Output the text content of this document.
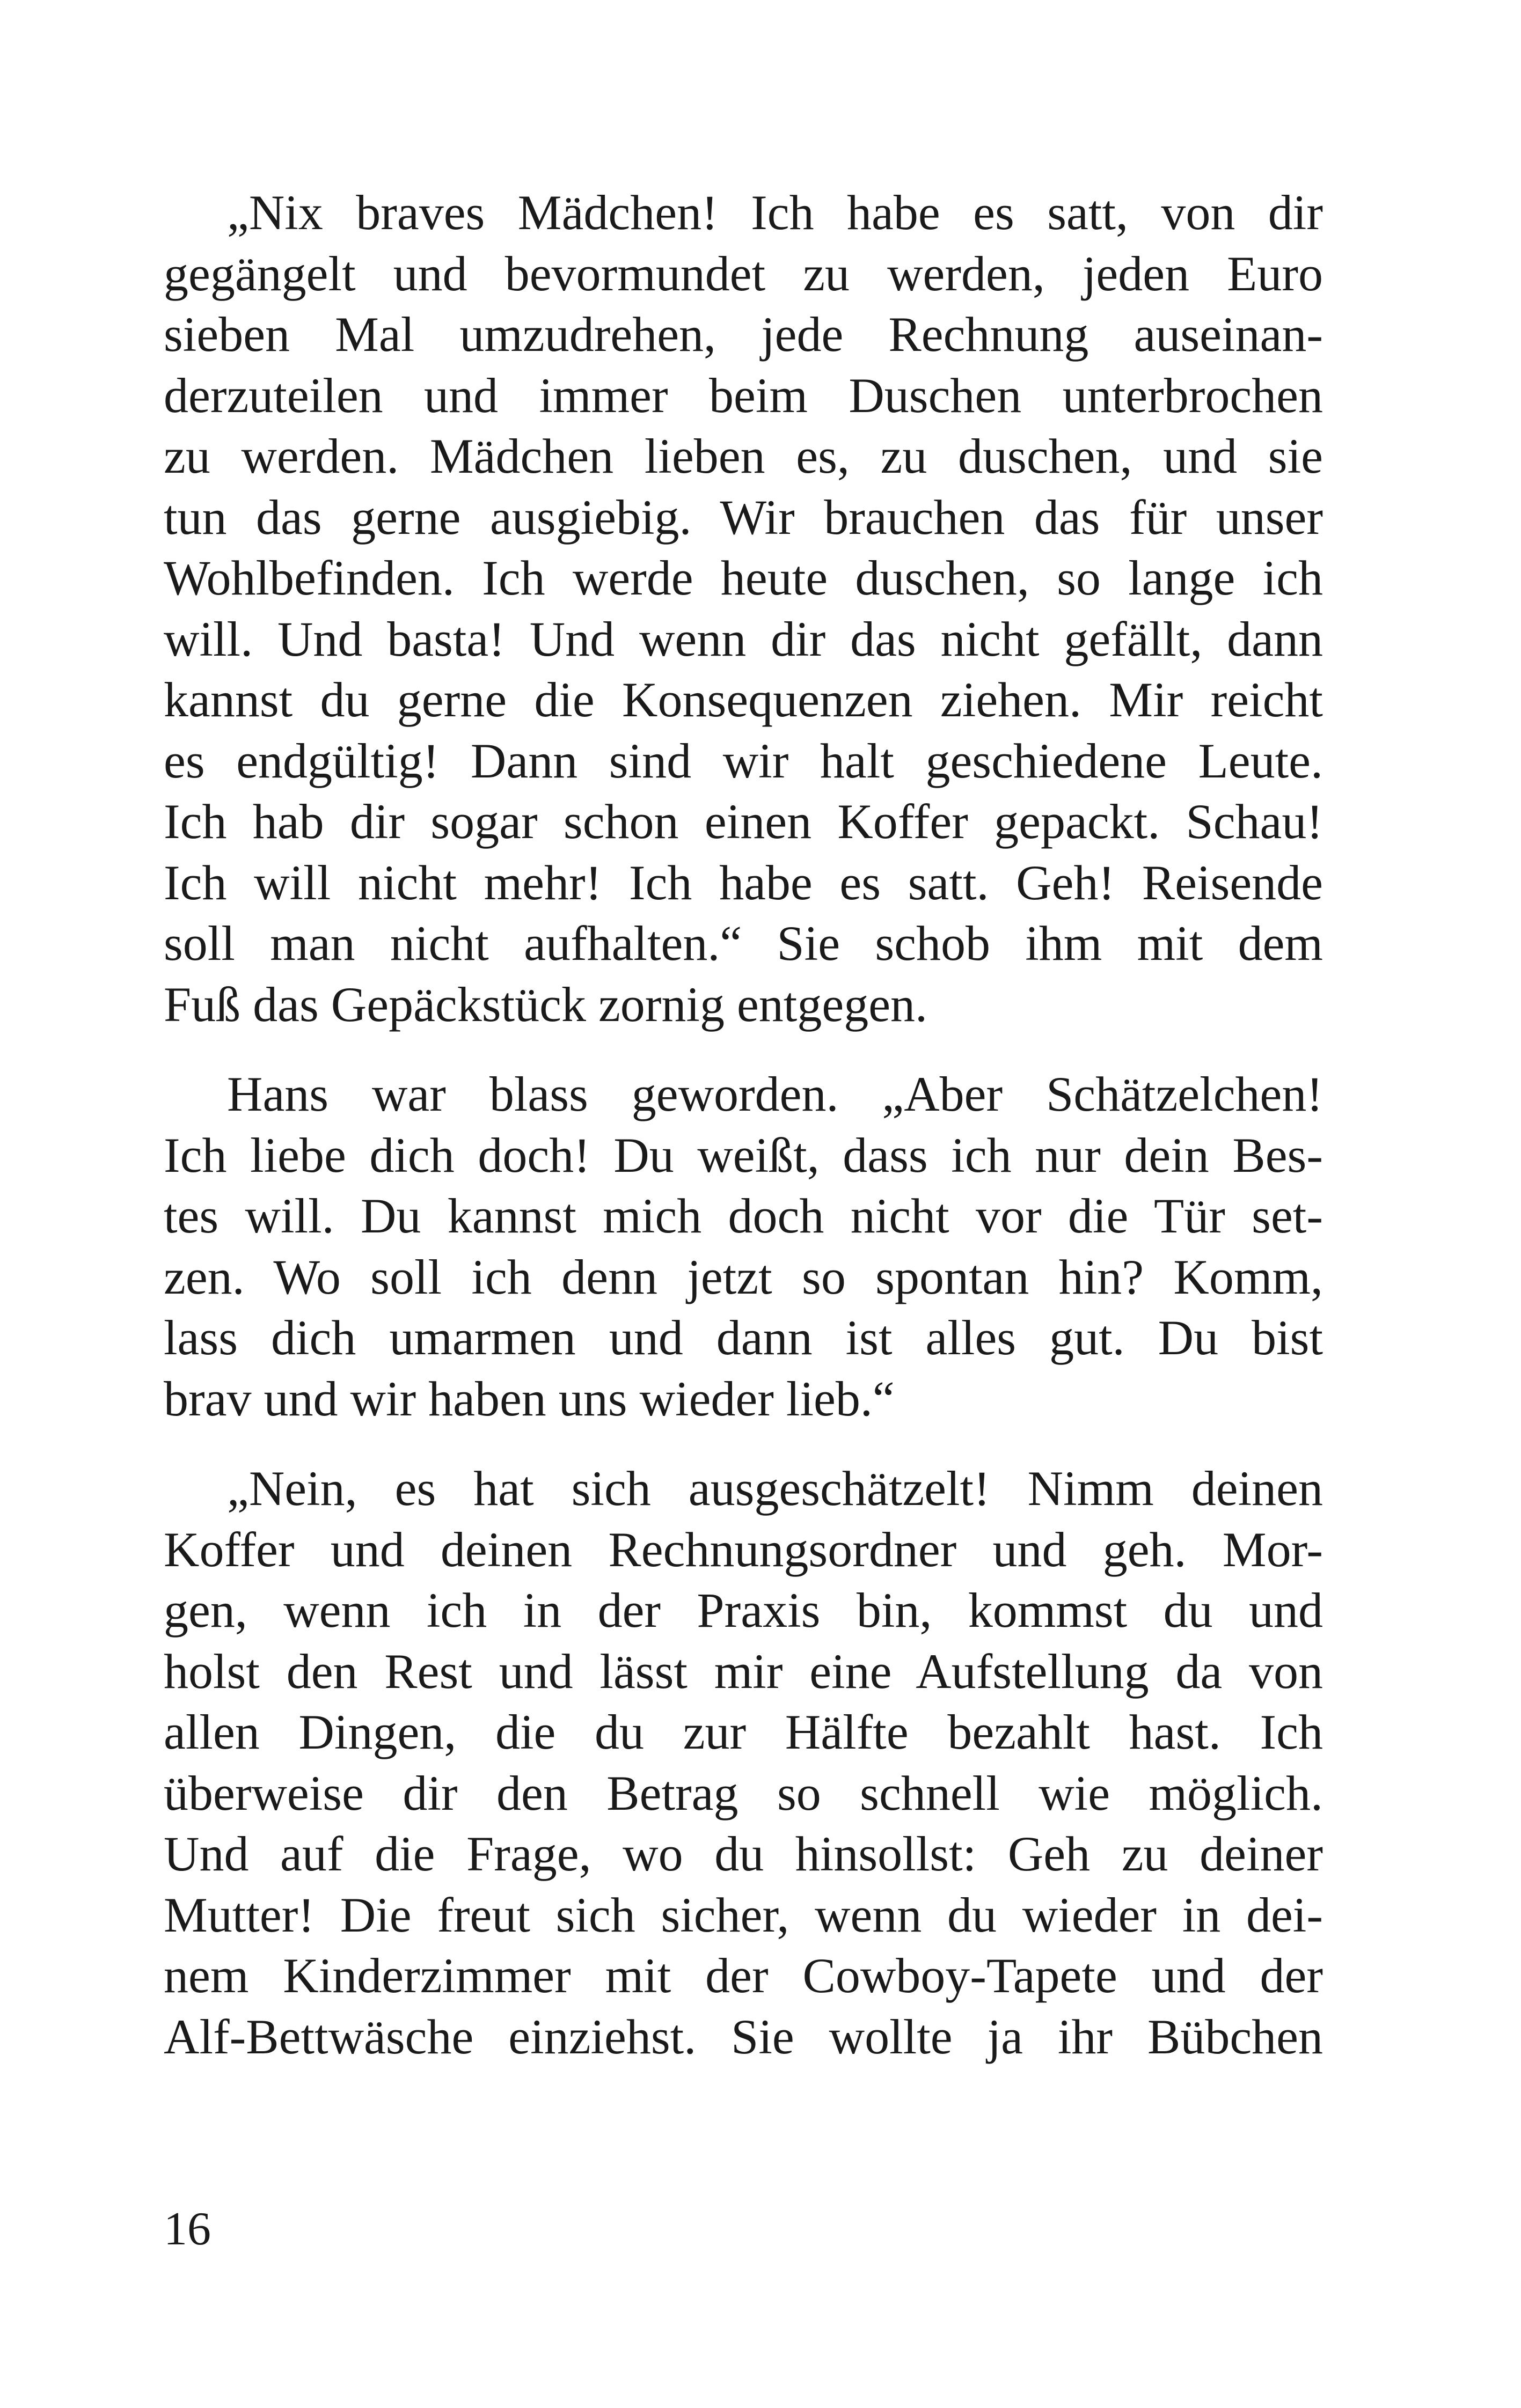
„Nix braves Mädchen! Ich habe es satt, von dir
gegängelt und bevormundet zu werden, jeden Euro
sieben Mal umzudrehen, jede Rechnung auseinan-
derzuteilen und immer beim Duschen unterbrochen
zu werden. Mädchen lieben es, zu duschen, und sie
tun das gerne ausgiebig. Wir brauchen das für unser
Wohlbefinden. Ich werde heute duschen, so lange ich
will. Und basta! Und wenn dir das nicht gefällt, dann
kannst du gerne die Konsequenzen ziehen. Mir reicht
es endgültig! Dann sind wir halt geschiedene Leute.
Ich hab dir sogar schon einen Koffer gepackt. Schau!
Ich will nicht mehr! Ich habe es satt. Geh! Reisende
soll man nicht aufhalten.“ Sie schob ihm mit dem
Fuß das Gepäckstück zornig entgegen.
Hans war blass geworden. „Aber Schätzelchen!
Ich liebe dich doch! Du weißt, dass ich nur dein Bes-
tes will. Du kannst mich doch nicht vor die Tür set-
zen. Wo soll ich denn jetzt so spontan hin? Komm,
lass dich umarmen und dann ist alles gut. Du bist
brav und wir haben uns wieder lieb.“
„Nein, es hat sich ausgeschätzelt! Nimm deinen
Koffer und deinen Rechnungsordner und geh. Mor-
gen, wenn ich in der Praxis bin, kommst du und
holst den Rest und lässt mir eine Aufstellung da von
allen Dingen, die du zur Hälfte bezahlt hast. Ich
überweise dir den Betrag so schnell wie möglich.
Und auf die Frage, wo du hinsollst: Geh zu deiner
Mutter! Die freut sich sicher, wenn du wieder in dei-
nem Kinderzimmer mit der Cowboy-Tapete und der
Alf-Bettwäsche einziehst. Sie wollte ja ihr Bübchen
16
